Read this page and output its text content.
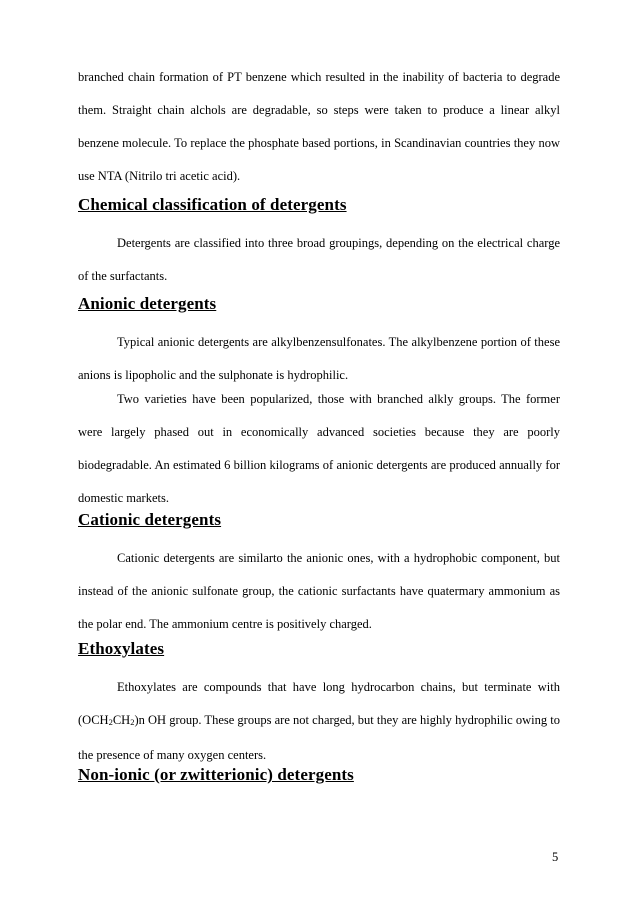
branched chain formation of PT benzene which resulted in the inability of bacteria to degrade them. Straight chain alchols are degradable, so steps were taken to produce a linear alkyl benzene molecule. To replace the phosphate based portions, in Scandinavian countries they now use NTA (Nitrilo tri acetic acid).

Chemical classification of detergents

Detergents are classified into three broad groupings, depending on the electrical charge of the surfactants.

Anionic detergents

Typical anionic detergents are alkylbenzensulfonates. The alkylbenzene portion of these anions is lipopholic and the sulphonate is hydrophilic.

Two varieties have been popularized, those with branched alkly groups. The former were largely phased out in economically advanced societies because they are poorly biodegradable. An estimated 6 billion kilograms of anionic detergents are produced annually for domestic markets.

Cationic detergents

Cationic detergents are similarto the anionic ones, with a hydrophobic component, but instead of the anionic sulfonate group, the cationic surfactants have quatermary ammonium as the polar end. The ammonium centre is positively charged.

Ethoxylates

Ethoxylates are compounds that have long hydrocarbon chains, but terminate with $(OCH_2CH_2)n$ OH group. These groups are not charged, but they are highly hydrophilic owing to the presence of many oxygen centers.

Non-ionic (or zwitterionic) detergents
5
